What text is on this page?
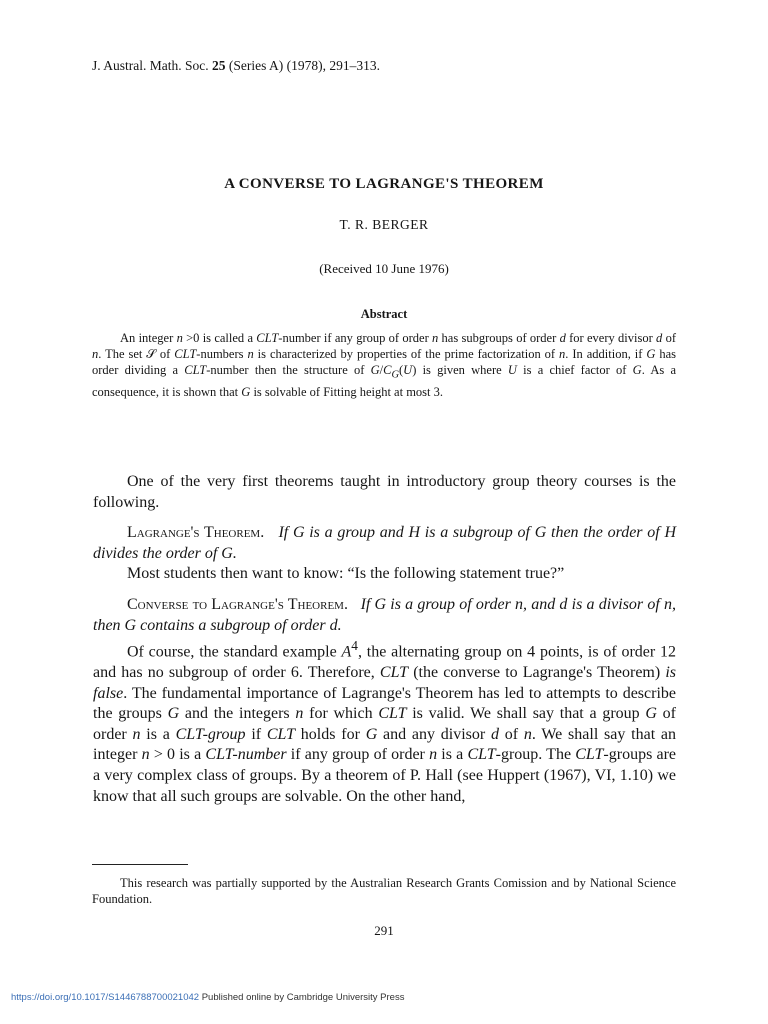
J. Austral. Math. Soc. 25 (Series A) (1978), 291–313.
A CONVERSE TO LAGRANGE'S THEOREM
T. R. BERGER
(Received 10 June 1976)
Abstract

An integer n >0 is called a CLT-number if any group of order n has subgroups of order d for every divisor d of n. The set 𝒮 of CLT-numbers n is characterized by properties of the prime factorization of n. In addition, if G has order dividing a CLT-number then the structure of $G/C_G(U)$ is given where U is a chief factor of G. As a consequence, it is shown that G is solvable of Fitting height at most 3.

One of the very first theorems taught in introductory group theory courses is the following.

Lagrange's Theorem. If G is a group and H is a subgroup of G then the order of H divides the order of G.

Most students then want to know: “Is the following statement true?”

Converse to Lagrange's Theorem. If G is a group of order n, and d is a divisor of n, then G contains a subgroup of order d.

Of course, the standard example $A^4$, the alternating group on 4 points, is of order 12 and has no subgroup of order 6. Therefore, CLT (the converse to Lagrange's Theorem) is false. The fundamental importance of Lagrange's Theorem has led to attempts to describe the groups G and the integers n for which CLT is valid. We shall say that a group G of order n is a CLT-group if CLT holds for G and any divisor d of n. We shall say that an integer n > 0 is a CLT-number if any group of order n is a CLT-group. The CLT-groups are a very complex class of groups. By a theorem of P. Hall (see Huppert (1967), VI, 1.10) we know that all such groups are solvable. On the other hand,

This research was partially supported by the Australian Research Grants Comission and by National Science Foundation.

291
https://doi.org/10.1017/S1446788700021042 Published online by Cambridge University Press
